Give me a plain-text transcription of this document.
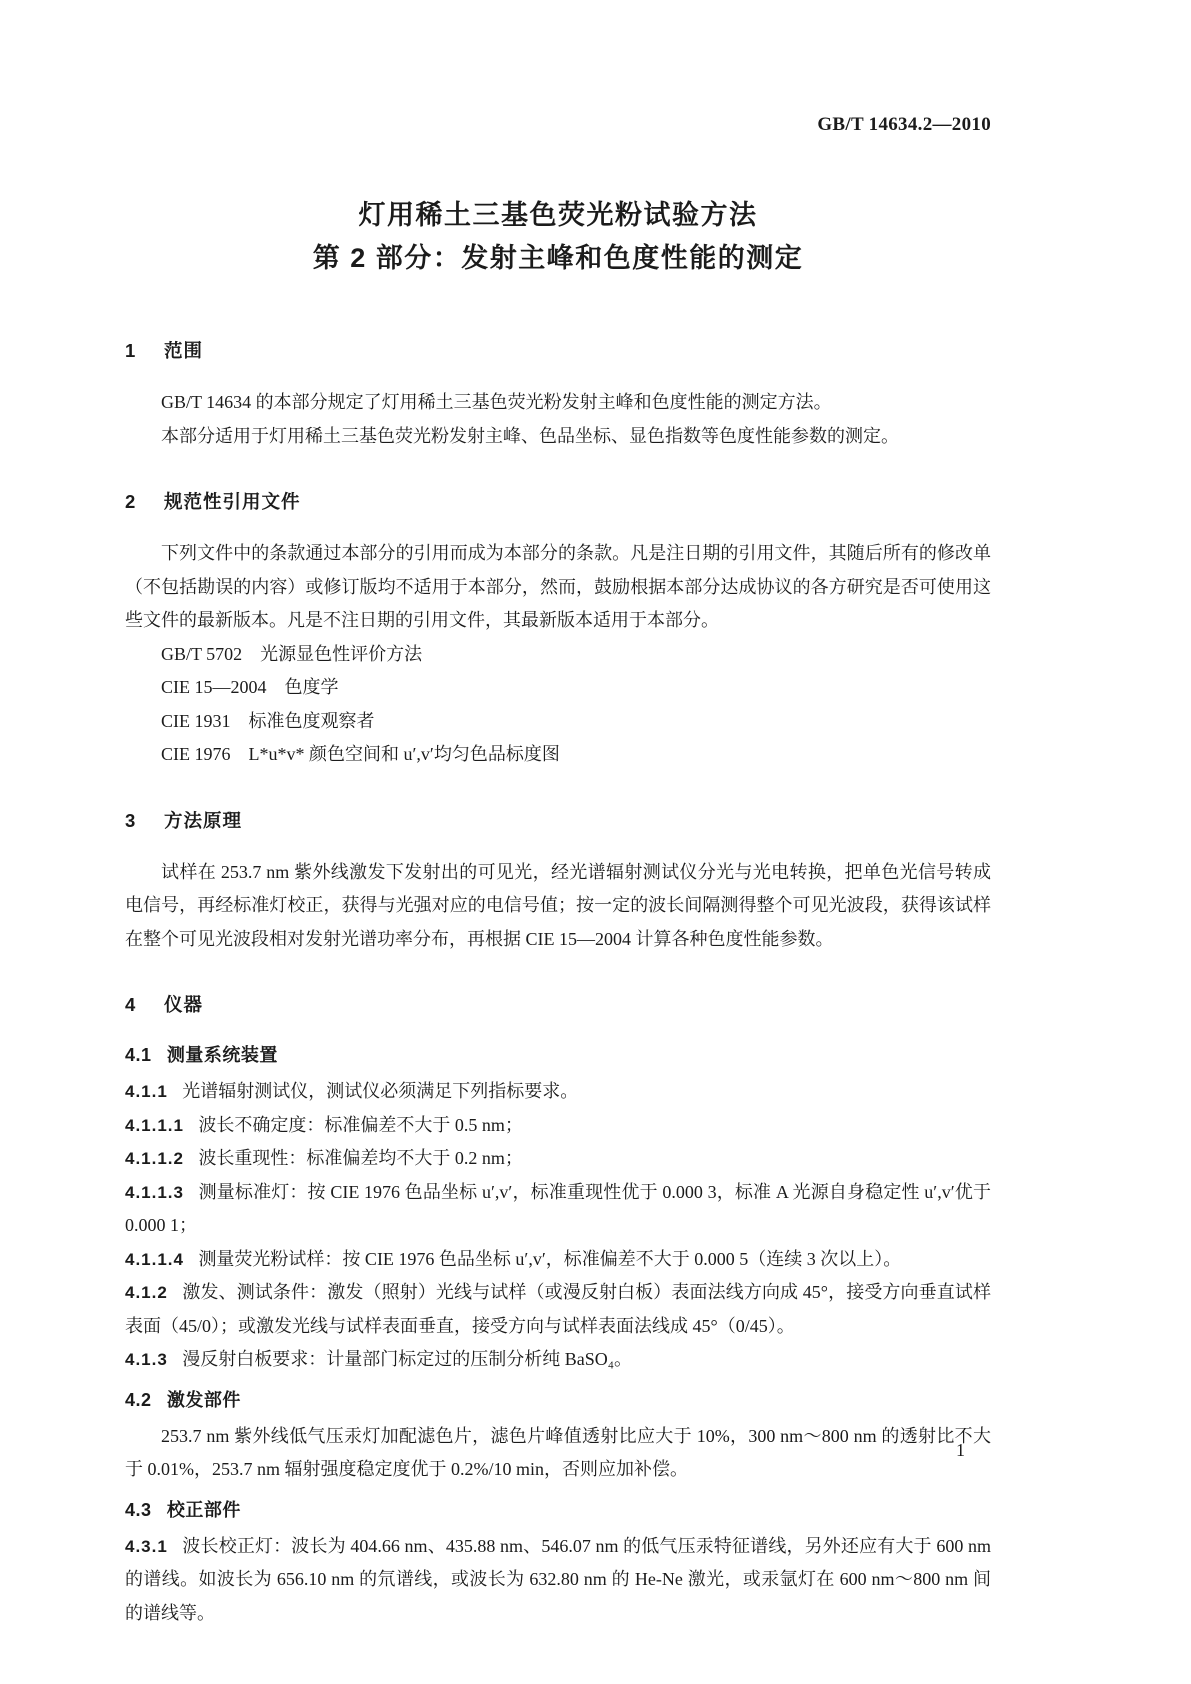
GB/T 14634.2—2010
灯用稀土三基色荧光粉试验方法
第 2 部分：发射主峰和色度性能的测定
1 范围

GB/T 14634 的本部分规定了灯用稀土三基色荧光粉发射主峰和色度性能的测定方法。

本部分适用于灯用稀土三基色荧光粉发射主峰、色品坐标、显色指数等色度性能参数的测定。

2 规范性引用文件

下列文件中的条款通过本部分的引用而成为本部分的条款。凡是注日期的引用文件，其随后所有的修改单（不包括勘误的内容）或修订版均不适用于本部分，然而，鼓励根据本部分达成协议的各方研究是否可使用这些文件的最新版本。凡是不注日期的引用文件，其最新版本适用于本部分。

GB/T 5702　光源显色性评价方法

CIE 15—2004　色度学

CIE 1931　标准色度观察者

CIE 1976　L*u*v* 颜色空间和 u′,v′均匀色品标度图

3 方法原理

试样在 253.7 nm 紫外线激发下发射出的可见光，经光谱辐射测试仪分光与光电转换，把单色光信号转成电信号，再经标准灯校正，获得与光强对应的电信号值；按一定的波长间隔测得整个可见光波段，获得该试样在整个可见光波段相对发射光谱功率分布，再根据 CIE 15—2004 计算各种色度性能参数。

4 仪器
4.1 测量系统装置

4.1.1 光谱辐射测试仪，测试仪必须满足下列指标要求。

4.1.1.1 波长不确定度：标准偏差不大于 0.5 nm；

4.1.1.2 波长重现性：标准偏差均不大于 0.2 nm；

4.1.1.3 测量标准灯：按 CIE 1976 色品坐标 u′,v′，标准重现性优于 0.000 3，标准 A 光源自身稳定性 u′,v′优于 0.000 1；

4.1.1.4 测量荧光粉试样：按 CIE 1976 色品坐标 u′,v′，标准偏差不大于 0.000 5（连续 3 次以上）。

4.1.2 激发、测试条件：激发（照射）光线与试样（或漫反射白板）表面法线方向成 45°，接受方向垂直试样表面（45/0）；或激发光线与试样表面垂直，接受方向与试样表面法线成 45°（0/45）。

4.1.3 漫反射白板要求：计量部门标定过的压制分析纯 BaSO₄。

4.2 激发部件

253.7 nm 紫外线低气压汞灯加配滤色片，滤色片峰值透射比应大于 10%，300 nm～800 nm 的透射比不大于 0.01%，253.7 nm 辐射强度稳定度优于 0.2%/10 min，否则应加补偿。

4.3 校正部件

4.3.1 波长校正灯：波长为 404.66 nm、435.88 nm、546.07 nm 的低气压汞特征谱线，另外还应有大于 600 nm 的谱线。如波长为 656.10 nm 的氘谱线，或波长为 632.80 nm 的 He-Ne 激光，或汞氩灯在 600 nm～800 nm 间的谱线等。

1
